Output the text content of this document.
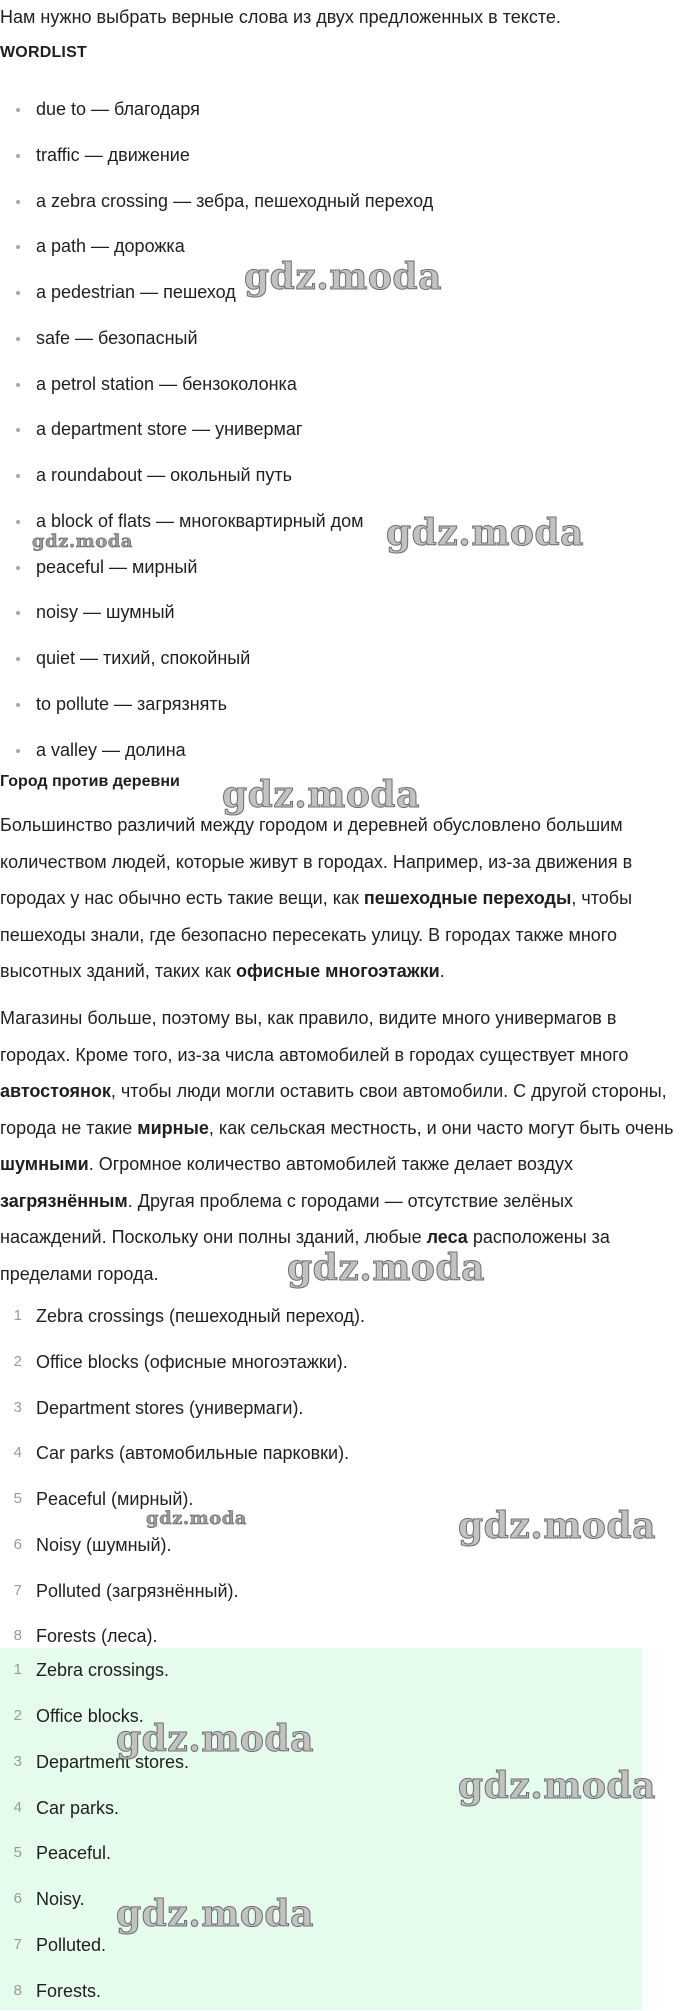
Нам нужно выбрать верные слова из двух предложенных в тексте.
WORDLIST
due to — благодаря
traffic — движение
a zebra crossing — зебра, пешеходный переход
a path — дорожка
a pedestrian — пешеход
safe — безопасный
a petrol station — бензоколонка
a department store — универмаг
a roundabout — окольный путь
a block of flats — многоквартирный дом
peaceful — мирный
noisy — шумный
quiet — тихий, спокойный
to pollute — загрязнять
a valley — долина
Город против деревни
Большинство различий между городом и деревней обусловлено большим количеством людей, которые живут в городах. Например, из-за движения в городах у нас обычно есть такие вещи, как пешеходные переходы, чтобы пешеходы знали, где безопасно пересекать улицу. В городах также много высотных зданий, таких как офисные многоэтажки.
Магазины больше, поэтому вы, как правило, видите много универмагов в городах. Кроме того, из-за числа автомобилей в городах существует много автостоянок, чтобы люди могли оставить свои автомобили. С другой стороны, города не такие мирные, как сельская местность, и они часто могут быть очень шумными. Огромное количество автомобилей также делает воздух загрязнённым. Другая проблема с городами — отсутствие зелёных насаждений. Поскольку они полны зданий, любые леса расположены за пределами города.
1 Zebra crossings (пешеходный переход).
2 Office blocks (офисные многоэтажки).
3 Department stores (универмаги).
4 Car parks (автомобильные парковки).
5 Peaceful (мирный).
6 Noisy (шумный).
7 Polluted (загрязнённый).
8 Forests (леса).
1 Zebra crossings.
2 Office blocks.
3 Department stores.
4 Car parks.
5 Peaceful.
6 Noisy.
7 Polluted.
8 Forests.
gdz.moda
gdz.moda
gdz.moda
gdz.moda
gdz.moda
gdz.moda
gdz.moda
gdz.moda
gdz.moda
gdz.moda
